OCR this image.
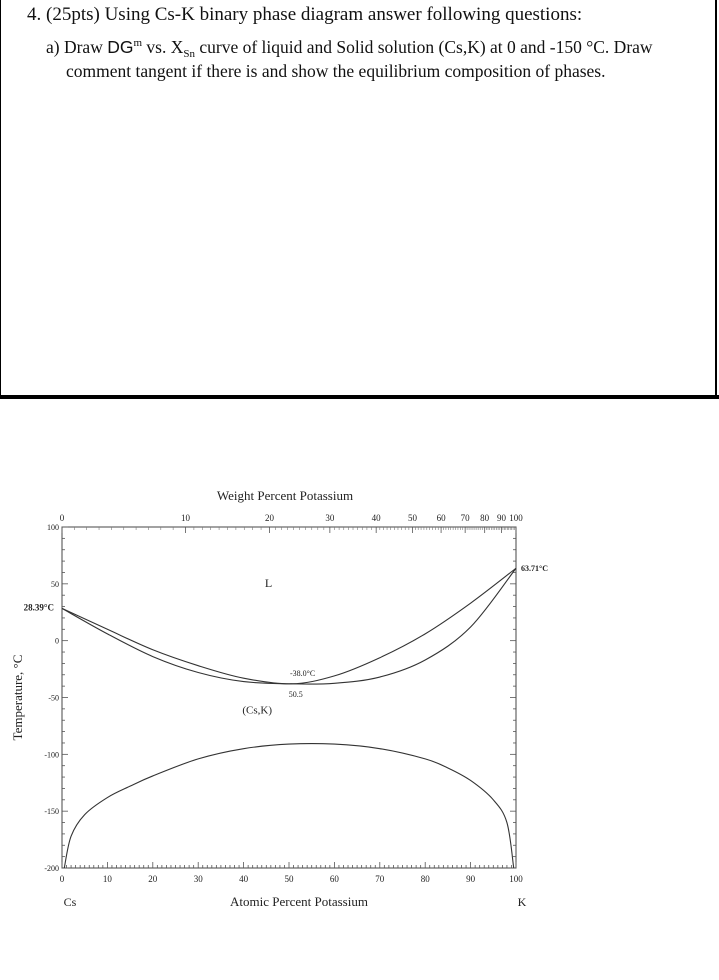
4. (25pts) Using Cs-K binary phase diagram answer following questions:
a) Draw $DG^m$ vs. $X_{Sn}$ curve of liquid and Solid solution (Cs,K) at 0 and -150 °C. Draw
comment tangent if there is and show the equilibrium composition of phases.
0	10	20	30	40	50	60	70	80	90	100
0	10	20	30	40	50 60 70 80 90 100
100
50
0
-50
-100
-150
-200
Weight Percent Potassium
Atomic Percent Potassium
Temperature, °C
Cs	K
28.39°C
63.71°C
-38.0°C
50.5
L
(Cs,K)
